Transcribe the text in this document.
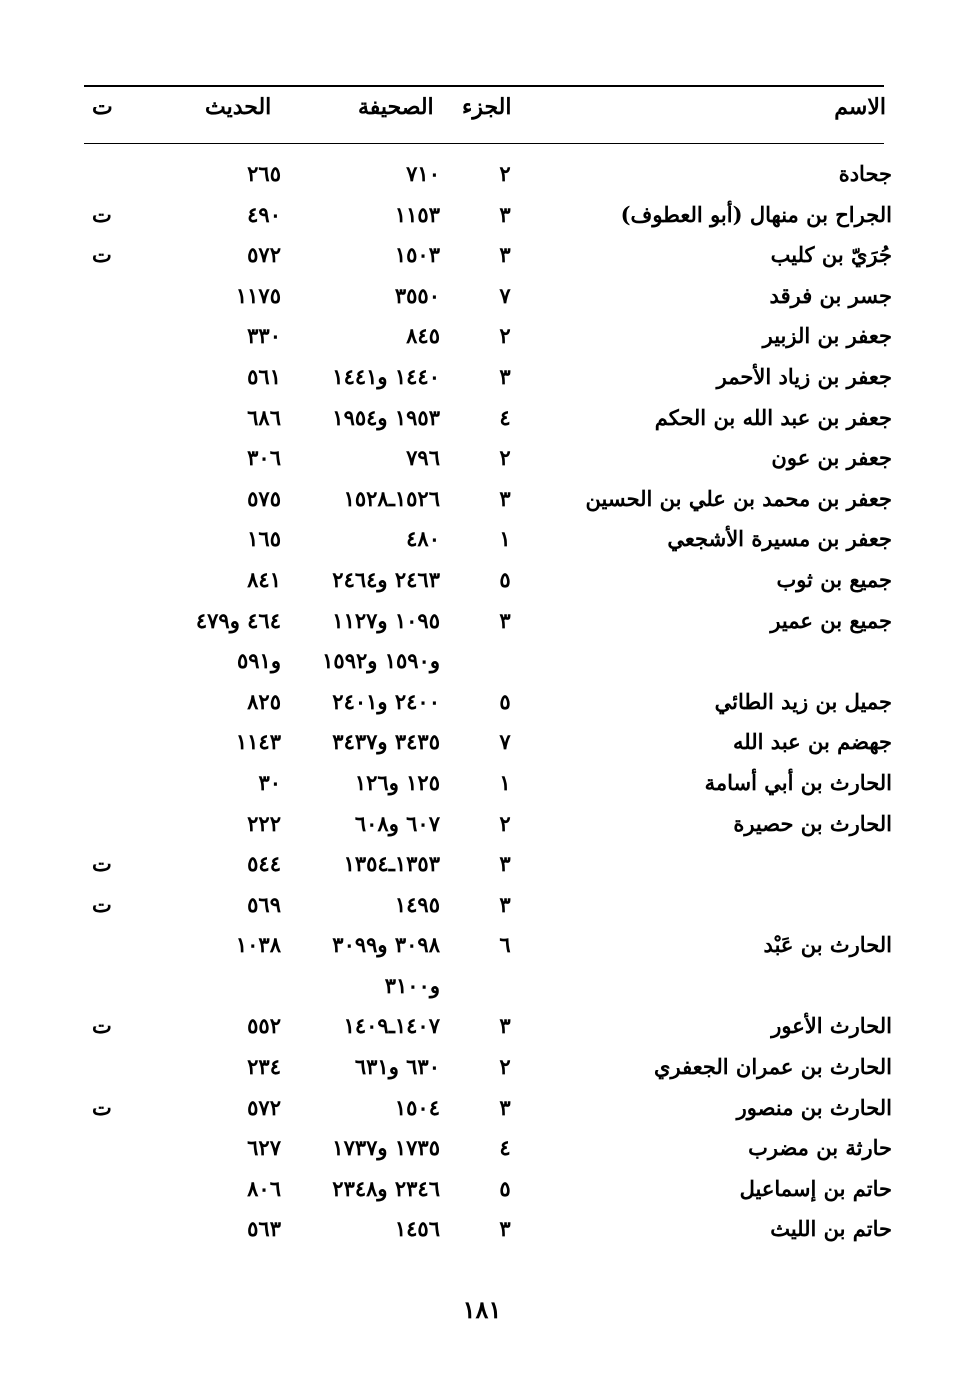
الاسم
الجزء
الصحيفة
الحديث
ت
جحادة
٢
٧١٠
٢٦٥
الجراح بن منهال (أبو العطوف)
٣
١١٥٣
٤٩٠
ت
جُرَيّ بن كليب
٣
١٥٠٣
٥٧٢
ت
جسر بن فرقد
٧
٣٥٥٠
١١٧٥
جعفر بن الزبير
٢
٨٤٥
٣٣٠
جعفر بن زياد الأحمر
٣
١٤٤٠ و١٤٤١
٥٦١
جعفر بن عبد الله بن الحكم
٤
١٩٥٣ و١٩٥٤
٦٨٦
جعفر بن عون
٢
٧٩٦
٣٠٦
جعفر بن محمد بن علي بن الحسين
٣
١٥٢٦ـ١٥٢٨
٥٧٥
جعفر بن مسيرة الأشجعي
١
٤٨٠
١٦٥
جميع بن ثوب
٥
٢٤٦٣ و٢٤٦٤
٨٤١
جميع بن عمير
٣
١٠٩٥ و١١٢٧
٤٦٤ و٤٧٩
و١٥٩٠ و١٥٩٢
و٥٩١
جميل بن زيد الطائي
٥
٢٤٠٠ و٢٤٠١
٨٢٥
جهضم بن عبد الله
٧
٣٤٣٥ و٣٤٣٧
١١٤٣
الحارث بن أبي أسامة
١
١٢٥ و١٢٦
٣٠
الحارث بن حصيرة
٢
٦٠٧ و٦٠٨
٢٢٢
٣
١٣٥٣ـ١٣٥٤
٥٤٤
ت
٣
١٤٩٥
٥٦٩
ت
الحارث بن عَبْد
٦
٣٠٩٨ و٣٠٩٩
١٠٣٨
و٣١٠٠
الحارث الأعور
٣
١٤٠٧ـ١٤٠٩
٥٥٢
ت
الحارث بن عمران الجعفري
٢
٦٣٠ و٦٣١
٢٣٤
الحارث بن منصور
٣
١٥٠٤
٥٧٢
ت
حارثة بن مضرب
٤
١٧٣٥ و١٧٣٧
٦٢٧
حاتم بن إسماعيل
٥
٢٣٤٦ و٢٣٤٨
٨٠٦
حاتم بن الليث
٣
١٤٥٦
٥٦٣
١٨١
